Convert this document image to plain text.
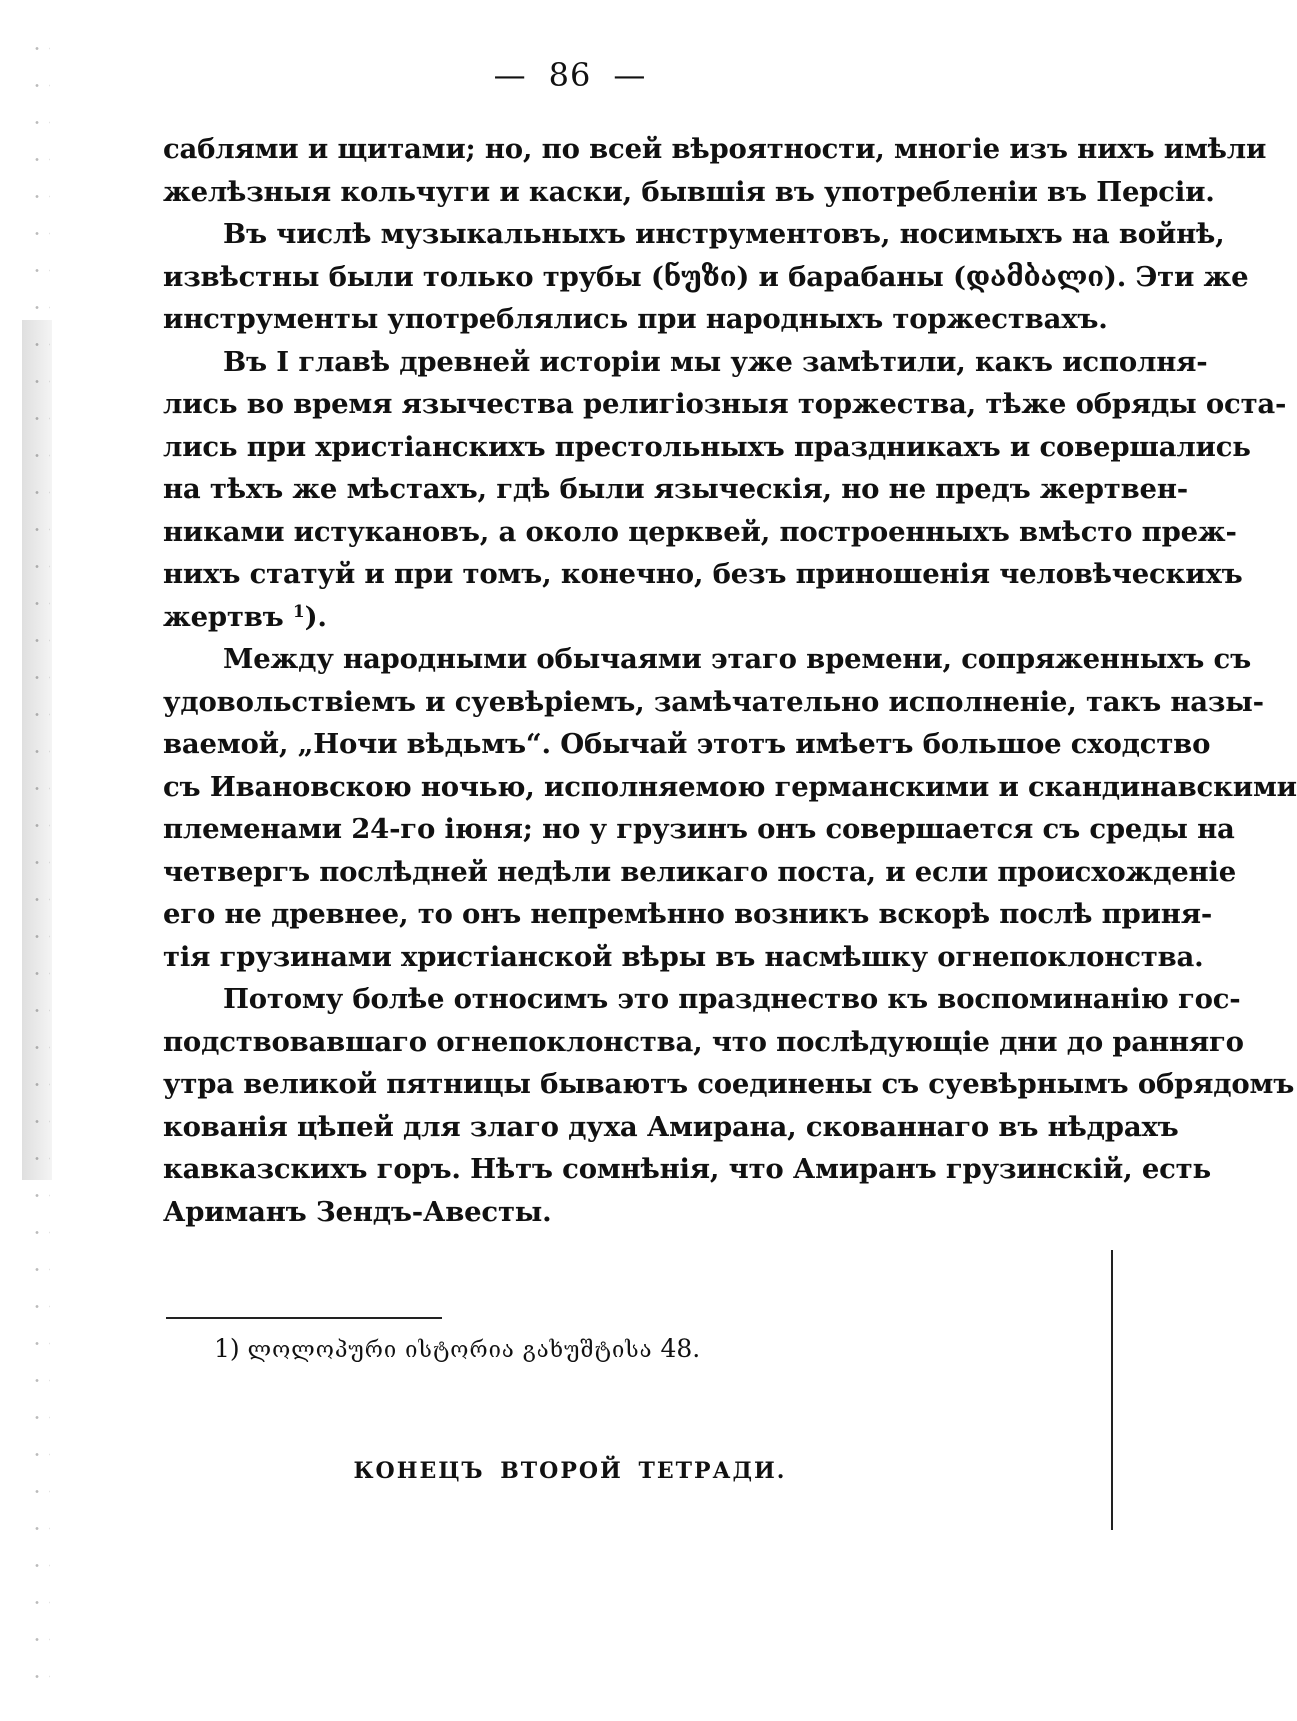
— 86 —
саблями и щитами; но, по всей вѣроятности, многіе изъ нихъ имѣли
желѣзныя кольчуги и каски, бывшія въ употребленіи въ Персіи.
Въ числѣ музыкальныхъ инструментовъ, носимыхъ на войнѣ,
извѣстны были только трубы (ნუზი) и барабаны (დამბალი). Эти же
инструменты употреблялись при народныхъ торжествахъ.
Въ I главѣ древней исторіи мы уже замѣтили, какъ исполня-
лись во время язычества религіозныя торжества, тѣже обряды оста-
лись при христіанскихъ престольныхъ праздникахъ и совершались
на тѣхъ же мѣстахъ, гдѣ были языческія, но не предъ жертвен-
никами истукановъ, а около церквей, построенныхъ вмѣсто преж-
нихъ статуй и при томъ, конечно, безъ приношенія человѣческихъ
жертвъ $^1$).
Между народными обычаями этаго времени, сопряженныхъ съ
удовольствіемъ и суевѣріемъ, замѣчательно исполненіе, такъ назы-
ваемой, „Ночи вѣдьмъ“. Обычай этотъ имѣетъ большое сходство
съ Ивановскою ночью, исполняемою германскими и скандинавскими
племенами 24-го іюня; но у грузинъ онъ совершается съ среды на
четвергъ послѣдней недѣли великаго поста, и если происхожденіе
его не древнее, то онъ непремѣнно возникъ вскорѣ послѣ приня-
тія грузинами христіанской вѣры въ насмѣшку огнепоклонства.
Потому болѣе относимъ это празднество къ воспоминанію гос-
подствовавшаго огнепоклонства, что послѣдующіе дни до ранняго
утра великой пятницы бываютъ соединены съ суевѣрнымъ обрядомъ
кованія цѣпей для злаго духа Амирана, скованнаго въ нѣдрахъ
кавказскихъ горъ. Нѣтъ сомнѣнія, что Амиранъ грузинскій, есть
Ариманъ Зендъ-Авесты.
1) ლოლოპური ისტორია გახუშტისა 48.
КОНЕЦЪ ВТОРОЙ ТЕТРАДИ.
